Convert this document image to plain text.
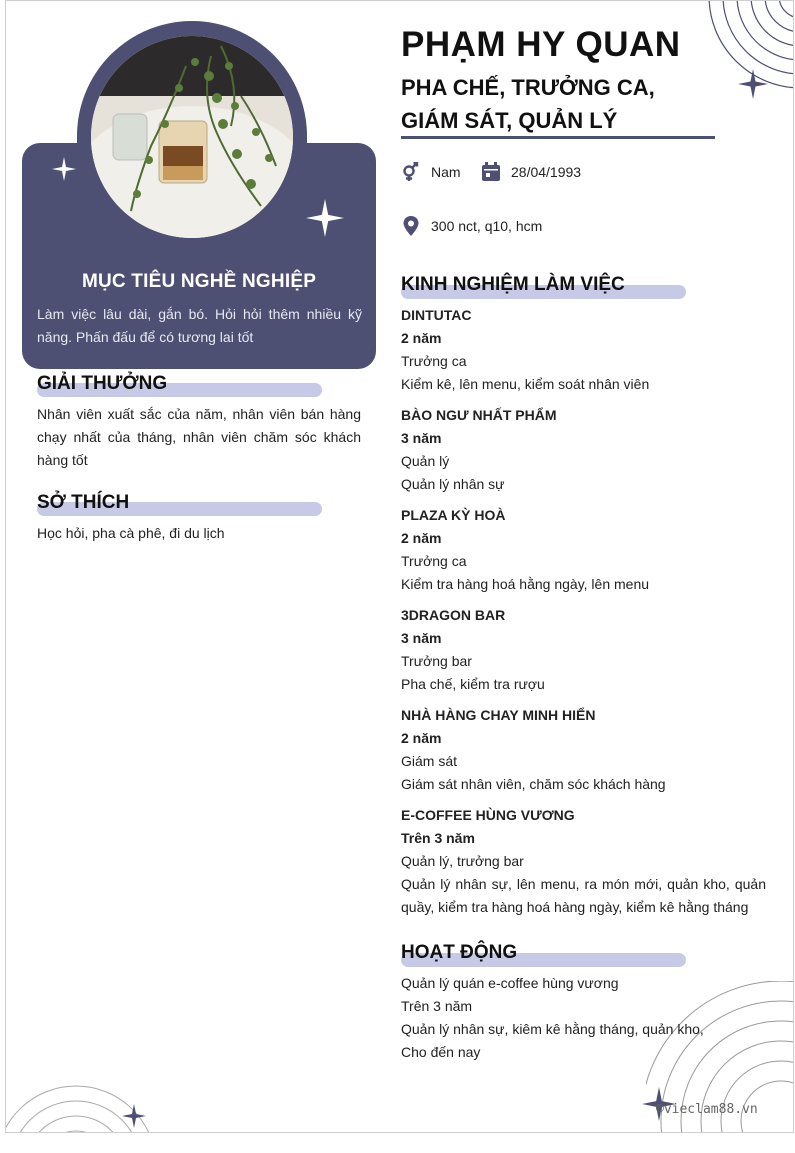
MỤC TIÊU NGHỀ NGHIỆP
Làm việc lâu dài, gắn bó. Hỏi hỏi thêm nhiều kỹ năng. Phấn đấu để có tương lai tốt
GIẢI THƯỞNG
Nhân viên xuất sắc của năm, nhân viên bán hàng chạy nhất của tháng, nhân viên chăm sóc khách hàng tốt
SỞ THÍCH
Học hỏi, pha cà phê, đi du lịch
PHẠM HY QUAN
PHA CHẾ, TRƯỞNG CA,
GIÁM SÁT, QUẢN LÝ
Nam	28/04/1993
300 nct, q10, hcm
KINH NGHIỆM LÀM VIỆC
DINTUTAC
2 năm
Trưởng ca
Kiểm kê, lên menu, kiểm soát nhân viên
BÀO NGƯ NHẤT PHẨM
3 năm
Quản lý
Quản lý nhân sự
PLAZA KỲ HOÀ
2 năm
Trưởng ca
Kiểm tra hàng hoá hằng ngày, lên menu
3DRAGON BAR
3 năm
Trưởng bar
Pha chế, kiểm tra rượu
NHÀ HÀNG CHAY MINH HIỂN
2 năm
Giám sát
Giám sát nhân viên, chăm sóc khách hàng
E-COFFEE HÙNG VƯƠNG
Trên 3 năm
Quản lý, trưởng bar
Quản lý nhân sự, lên menu, ra món mới, quản kho, quản quầy, kiểm tra hàng hoá hàng ngày, kiểm kê hằng tháng
HOẠT ĐỘNG
Quản lý quán e-coffee hùng vương
Trên 3 năm
Quản lý nhân sự, kiêm kê hằng tháng, quản kho,
Cho đến nay
©vieclam88.vn
